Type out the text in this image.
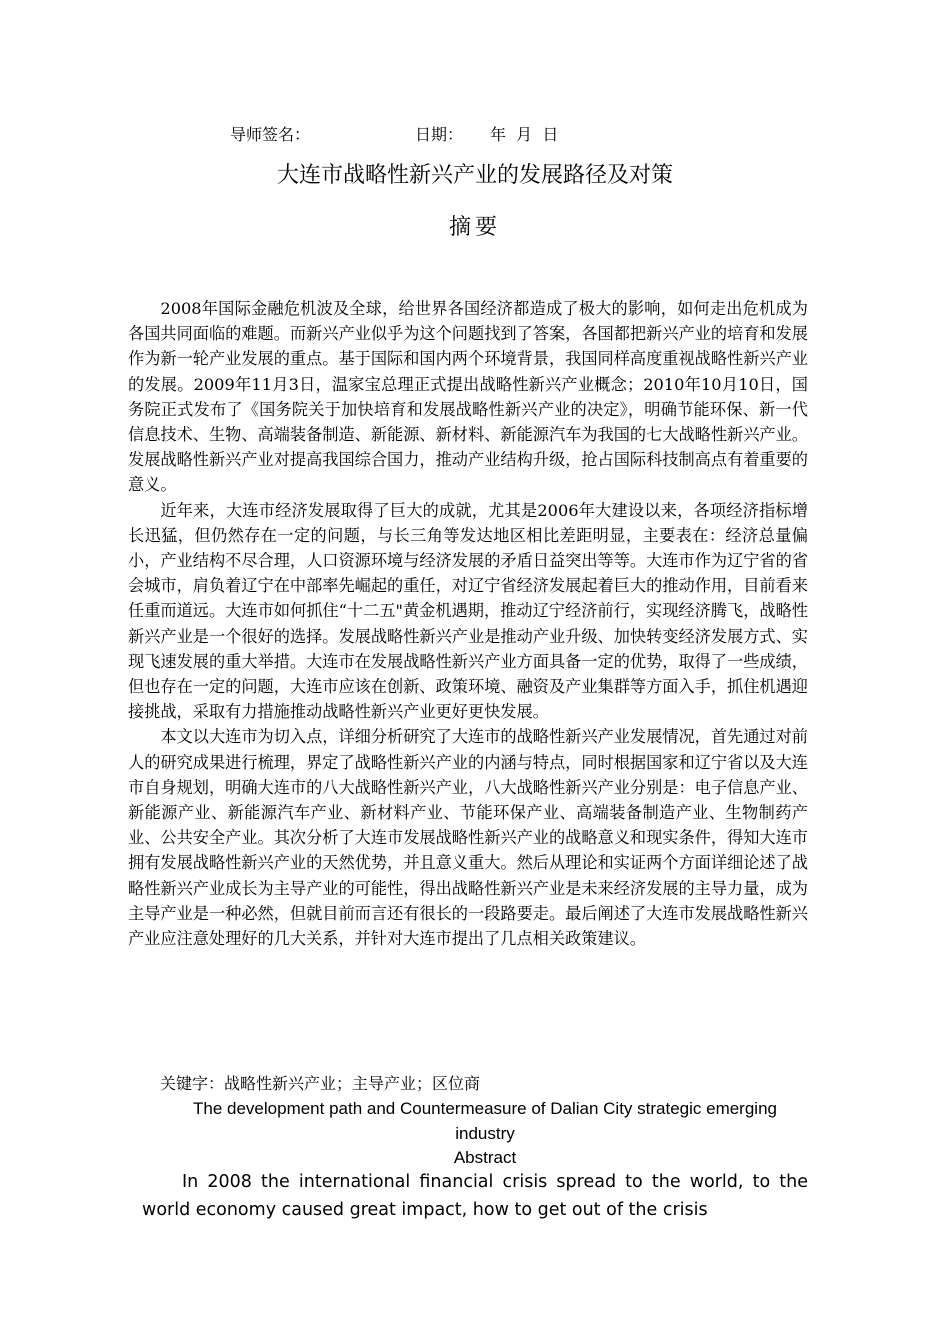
导师签名：	日期： 年  月  日
大连市战略性新兴产业的发展路径及对策
摘要

2008年国际金融危机波及全球，给世界各国经济都造成了极大的影响，如何走出危机成为各国共同面临的难题。而新兴产业似乎为这个问题找到了答案，各国都把新兴产业的培育和发展作为新一轮产业发展的重点。基于国际和国内两个环境背景，我国同样高度重视战略性新兴产业的发展。2009年11月3日，温家宝总理正式提出战略性新兴产业概念；2010年10月10日，国务院正式发布了《国务院关于加快培育和发展战略性新兴产业的决定》，明确节能环保、新一代信息技术、生物、高端装备制造、新能源、新材料、新能源汽车为我国的七大战略性新兴产业。发展战略性新兴产业对提高我国综合国力，推动产业结构升级，抢占国际科技制高点有着重要的意义。

近年来，大连市经济发展取得了巨大的成就，尤其是2006年大建设以来，各项经济指标增长迅猛，但仍然存在一定的问题，与长三角等发达地区相比差距明显，主要表在：经济总量偏小，产业结构不尽合理，人口资源环境与经济发展的矛盾日益突出等等。大连市作为辽宁省的省会城市，肩负着辽宁在中部率先崛起的重任，对辽宁省经济发展起着巨大的推动作用，目前看来任重而道远。大连市如何抓住“十二五"黄金机遇期，推动辽宁经济前行，实现经济腾飞，战略性新兴产业是一个很好的选择。发展战略性新兴产业是推动产业升级、加快转变经济发展方式、实现飞速发展的重大举措。大连市在发展战略性新兴产业方面具备一定的优势，取得了一些成绩，但也存在一定的问题，大连市应该在创新、政策环境、融资及产业集群等方面入手，抓住机遇迎接挑战，采取有力措施推动战略性新兴产业更好更快发展。

本文以大连市为切入点，详细分析研究了大连市的战略性新兴产业发展情况，首先通过对前人的研究成果进行梳理，界定了战略性新兴产业的内涵与特点，同时根据国家和辽宁省以及大连市自身规划，明确大连市的八大战略性新兴产业，八大战略性新兴产业分别是：电子信息产业、新能源产业、新能源汽车产业、新材料产业、节能环保产业、高端装备制造产业、生物制药产业、公共安全产业。其次分析了大连市发展战略性新兴产业的战略意义和现实条件，得知大连市拥有发展战略性新兴产业的天然优势，并且意义重大。然后从理论和实证两个方面详细论述了战略性新兴产业成长为主导产业的可能性，得出战略性新兴产业是未来经济发展的主导力量，成为主导产业是一种必然，但就目前而言还有很长的一段路要走。最后阐述了大连市发展战略性新兴产业应注意处理好的几大关系，并针对大连市提出了几点相关政策建议。

关键字：战略性新兴产业；主导产业；区位商
The development path and Countermeasure of Dalian City strategic emerging industry
Abstract

In 2008 the international financial crisis spread to the world, to the world economy caused great impact, how to get out of the crisis
